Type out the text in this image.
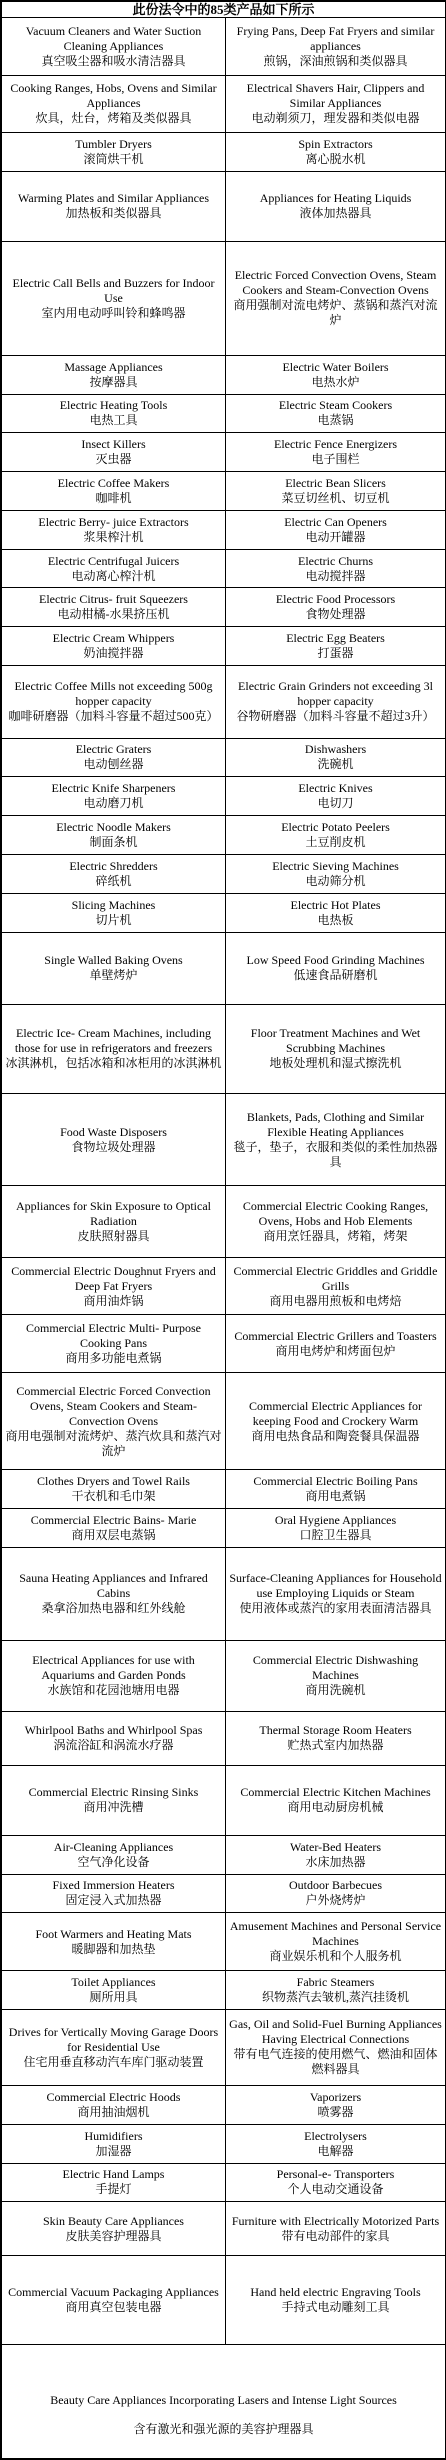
此份法令中的85类产品如下所示	

Vacuum Cleaners and Water Suction Cleaning Appliances
真空吸尘器和吸水清洁器具	Frying Pans, Deep Fat Fryers and similar appliances
煎锅，深油煎锅和类似器具

Cooking Ranges, Hobs, Ovens and Similar Appliances
炊具，灶台，烤箱及类似器具	Electrical Shavers Hair, Clippers and Similar Appliances
电动剃须刀，理发器和类似电器

Tumbler Dryers
滚筒烘干机	Spin Extractors
离心脱水机

Warming Plates and Similar Appliances
加热板和类似器具	Appliances for Heating Liquids
液体加热器具

Electric Call Bells and Buzzers for Indoor Use
室内用电动呼叫铃和蜂鸣器	Electric Forced Convection Ovens, Steam Cookers and Steam-Convection Ovens
商用强制对流电烤炉、蒸锅和蒸汽对流炉

Massage Appliances
按摩器具	Electric Water Boilers
电热水炉

Electric Heating Tools
电热工具	Electric Steam Cookers
电蒸锅

Insect Killers
灭虫器	Electric Fence Energizers
电子围栏

Electric Coffee Makers
咖啡机	Electric Bean Slicers
菜豆切丝机、切豆机

Electric Berry- juice Extractors
浆果榨汁机	Electric Can Openers
电动开罐器

Electric Centrifugal Juicers
电动离心榨汁机	Electric Churns
电动搅拌器

Electric Citrus- fruit Squeezers
电动柑橘-水果挤压机	Electric Food Processors
食物处理器

Electric Cream Whippers
奶油搅拌器	Electric Egg Beaters
打蛋器

Electric Coffee Mills not exceeding 500g hopper capacity
咖啡研磨器（加料斗容量不超过500克）	Electric Grain Grinders not exceeding 3l hopper capacity
谷物研磨器（加料斗容量不超过3升）

Electric Graters
电动刨丝器	Dishwashers
洗碗机

Electric Knife Sharpeners
电动磨刀机	Electric Knives
电切刀

Electric Noodle Makers
制面条机	Electric Potato Peelers
土豆削皮机

Electric Shredders
碎纸机	Electric Sieving Machines
电动筛分机

Slicing Machines
切片机	Electric Hot Plates
电热板

Single Walled Baking Ovens
单壁烤炉	Low Speed Food Grinding Machines
低速食品研磨机

Electric Ice- Cream Machines, including those for use in refrigerators and freezers
冰淇淋机，包括冰箱和冰柜用的冰淇淋机	Floor Treatment Machines and Wet Scrubbing Machines
地板处理机和湿式擦洗机

Food Waste Disposers
食物垃圾处理器	Blankets, Pads, Clothing and Similar Flexible Heating Appliances
毯子，垫子，衣服和类似的柔性加热器具

Appliances for Skin Exposure to Optical Radiation
皮肤照射器具	Commercial Electric Cooking Ranges, Ovens, Hobs and Hob Elements
商用烹饪器具，烤箱，烤架

Commercial Electric Doughnut Fryers and Deep Fat Fryers
商用油炸锅	Commercial Electric Griddles and Griddle Grills
商用电器用煎板和电烤焙

Commercial Electric Multi- Purpose Cooking Pans
商用多功能电煮锅	Commercial Electric Grillers and Toasters
商用电烤炉和烤面包炉

Commercial Electric Forced Convection Ovens, Steam Cookers and Steam- Convection Ovens
商用电强制对流烤炉、蒸汽炊具和蒸汽对流炉	Commercial Electric Appliances for keeping Food and Crockery Warm
商用电热食品和陶瓷餐具保温器

Clothes Dryers and Towel Rails
干衣机和毛巾架	Commercial Electric Boiling Pans
商用电煮锅

Commercial Electric Bains- Marie
商用双层电蒸锅	Oral Hygiene Appliances
口腔卫生器具

Sauna Heating Appliances and Infrared Cabins
桑拿浴加热电器和红外线舱	Surface-Cleaning Appliances for Household use Employing Liquids or Steam
使用液体或蒸汽的家用表面清洁器具

Electrical Appliances for use with Aquariums and Garden Ponds
水族馆和花园池塘用电器	Commercial Electric Dishwashing Machines
商用洗碗机

Whirlpool Baths and Whirlpool Spas
涡流浴缸和涡流水疗器	Thermal Storage Room Heaters
贮热式室内加热器

Commercial Electric Rinsing Sinks
商用冲洗槽	Commercial Electric Kitchen Machines
商用电动厨房机械

Air-Cleaning Appliances
空气净化设备	Water-Bed Heaters
水床加热器

Fixed Immersion Heaters
固定浸入式加热器	Outdoor Barbecues
户外烧烤炉

Foot Warmers and Heating Mats
暖脚器和加热垫	Amusement Machines and Personal Service Machines
商业娱乐机和个人服务机

Toilet Appliances
厕所用具	Fabric Steamers
织物蒸汽去皱机,蒸汽挂烫机

Drives for Vertically Moving Garage Doors for Residential Use
住宅用垂直移动汽车库门驱动装置	Gas, Oil and Solid-Fuel Burning Appliances Having Electrical Connections
带有电气连接的使用燃气、燃油和固体燃料器具

Commercial Electric Hoods
商用抽油烟机	Vaporizers
喷雾器

Humidifiers
加湿器	Electrolysers
电解器

Electric Hand Lamps
手提灯	Personal-e- Transporters
个人电动交通设备

Skin Beauty Care Appliances
皮肤美容护理器具	Furniture with Electrically Motorized Parts
带有电动部件的家具

Commercial Vacuum Packaging Appliances
商用真空包装电器	Hand held electric Engraving Tools
手持式电动雕刻工具

Beauty Care Appliances Incorporating Lasers and Intense Light Sources
含有激光和强光源的美容护理器具	
